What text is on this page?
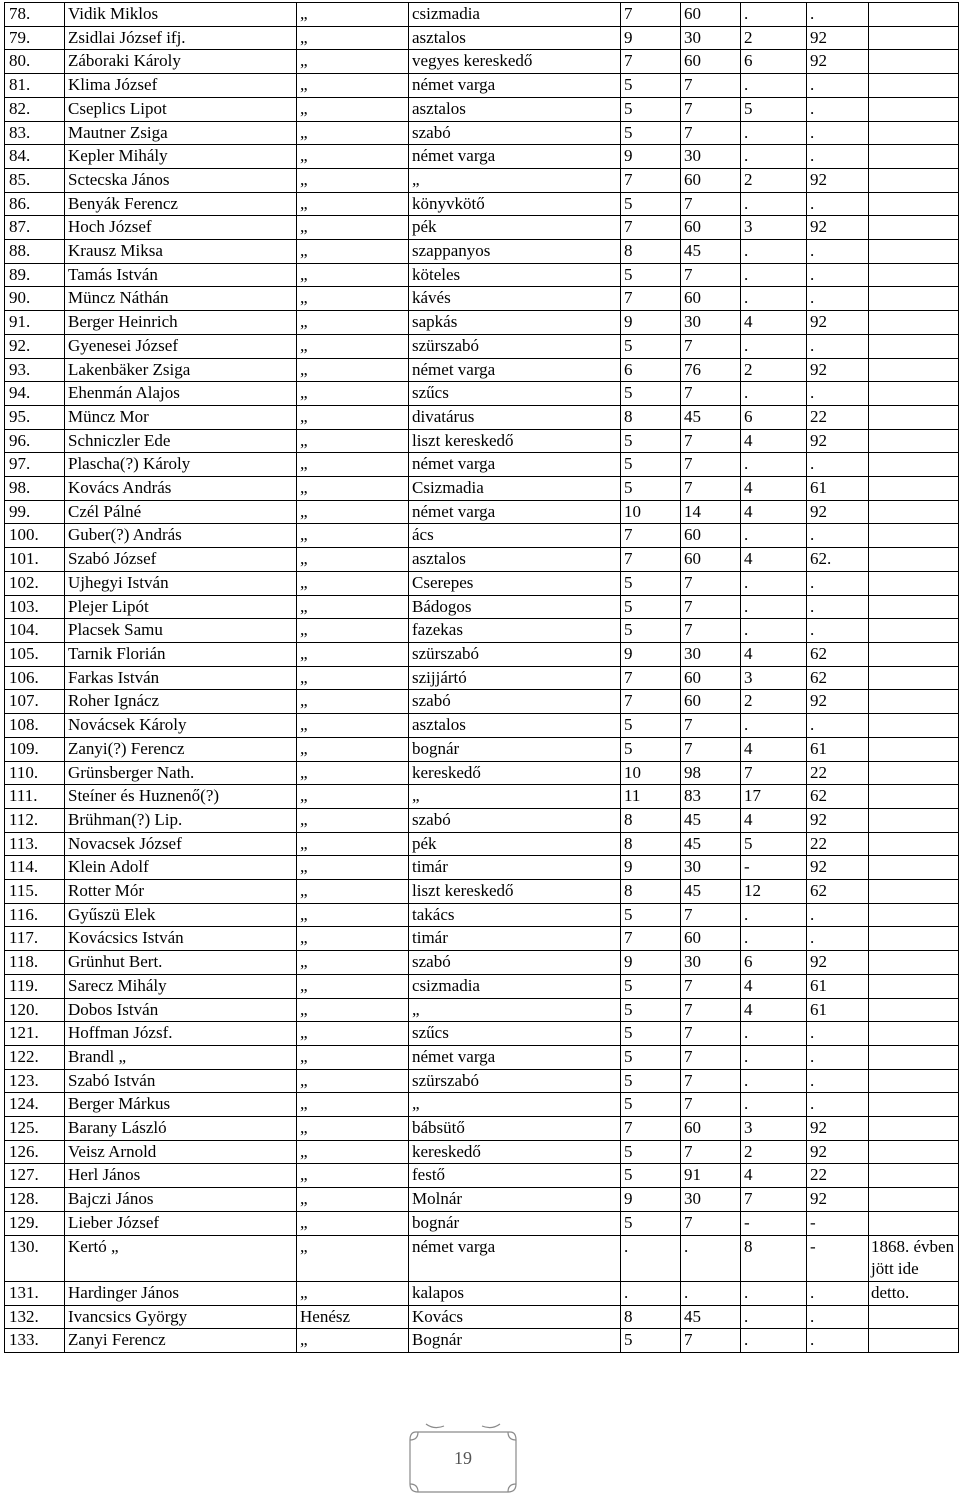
78.	Vidik Miklos	„	csizmadia	7	60	.	.	
79.	Zsidlai József ifj.	„	asztalos	9	30	2	92	
80.	Záboraki Károly	„	vegyes kereskedő	7	60	6	92	
81.	Klima József	„	német varga	5	7	.	.	
82.	Cseplics Lipot	„	asztalos	5	7	5	.	
83.	Mautner Zsiga	„	szabó	5	7	.	.	
84.	Kepler Mihály	„	német varga	9	30	.	.	
85.	Sctecska János	„	„	7	60	2	92	
86.	Benyák Ferencz	„	könyvkötő	5	7	.	.	
87.	Hoch József	„	pék	7	60	3	92	
88.	Krausz Miksa	„	szappanyos	8	45	.	.	
89.	Tamás István	„	köteles	5	7	.	.	
90.	Müncz Náthán	„	kávés	7	60	.	.	
91.	Berger Heinrich	„	sapkás	9	30	4	92	
92.	Gyenesei József	„	szürszabó	5	7	.	.	
93.	Lakenbäker Zsiga	„	német varga	6	76	2	92	
94.	Ehenmán Alajos	„	szűcs	5	7	.	.	
95.	Müncz Mor	„	divatárus	8	45	6	22	
96.	Schniczler Ede	„	liszt kereskedő	5	7	4	92	
97.	Plascha(?) Károly	„	német varga	5	7	.	.	
98.	Kovács András	„	Csizmadia	5	7	4	61	
99.	Czél Pálné	„	német varga	10	14	4	92	
100.	Guber(?) András	„	ács	7	60	.	.	
101.	Szabó József	„	asztalos	7	60	4	62.	
102.	Ujhegyi István	„	Cserepes	5	7	.	.	
103.	Plejer Lipót	„	Bádogos	5	7	.	.	
104.	Placsek Samu	„	fazekas	5	7	.	.	
105.	Tarnik Florián	„	szürszabó	9	30	4	62	
106.	Farkas István	„	szijjártó	7	60	3	62	
107.	Roher Ignácz	„	szabó	7	60	2	92	
108.	Novácsek Károly	„	asztalos	5	7	.	.	
109.	Zanyi(?) Ferencz	„	bognár	5	7	4	61	
110.	Grünsberger Nath.	„	kereskedő	10	98	7	22	
111.	Steíner és Huznenő(?)	„	„	11	83	17	62	
112.	Brühman(?) Lip.	„	szabó	8	45	4	92	
113.	Novacsek József	„	pék	8	45	5	22	
114.	Klein Adolf	„	timár	9	30	-	92	
115.	Rotter Mór	„	liszt kereskedő	8	45	12	62	
116.	Gyűszü Elek	„	takács	5	7	.	.	
117.	Kovácsics István	„	timár	7	60	.	.	
118.	Grünhut Bert.	„	szabó	9	30	6	92	
119.	Sarecz Mihály	„	csizmadia	5	7	4	61	
120.	Dobos István	„	„	5	7	4	61	
121.	Hoffman Józsf.	„	szűcs	5	7	.	.	
122.	Brandl „	„	német varga	5	7	.	.	
123.	Szabó István	„	szürszabó	5	7	.	.	
124.	Berger Márkus	„	„	5	7	.	.	
125.	Barany László	„	bábsütő	7	60	3	92	
126.	Veisz Arnold	„	kereskedő	5	7	2	92	
127.	Herl János	„	festő	5	91	4	22	
128.	Bajczi János	„	Molnár	9	30	7	92	
129.	Lieber József	„	bognár	5	7	-	-	
130.	Kertó „	„	német varga	.	.	8	-	1868. évben jött ide
131.	Hardinger János	„	kalapos	.	.	.	.	detto.
132.	Ivancsics György	Henész	Kovács	8	45	.	.	
133.	Zanyi Ferencz	„	Bognár	5	7	.	.	
19
